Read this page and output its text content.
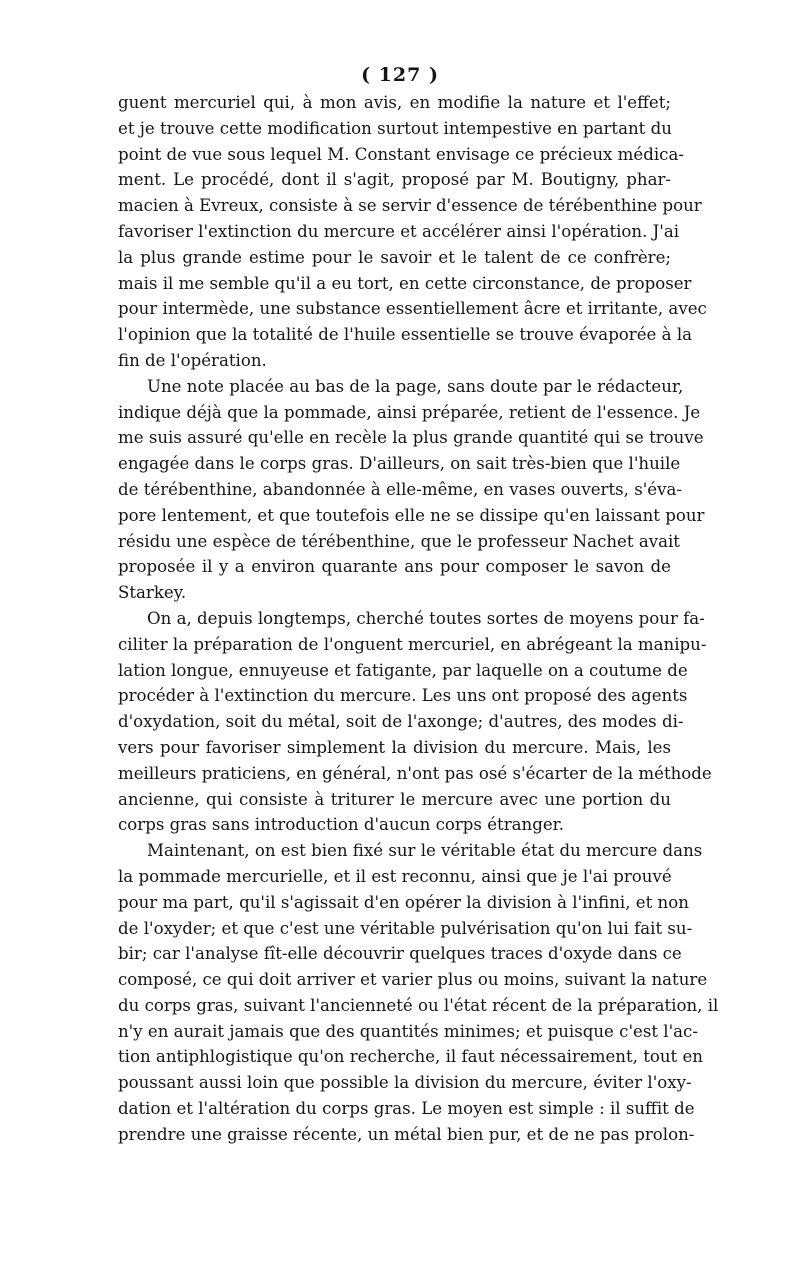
( 127 )
guent mercuriel qui, à mon avis, en modifie la nature et l'effet;
et je trouve cette modification surtout intempestive en partant du
point de vue sous lequel M. Constant envisage ce précieux médica-
ment. Le procédé, dont il s'agit, proposé par M. Boutigny, phar-
macien à Evreux, consiste à se servir d'essence de térébenthine pour
favoriser l'extinction du mercure et accélérer ainsi l'opération. J'ai
la plus grande estime pour le savoir et le talent de ce confrère;
mais il me semble qu'il a eu tort, en cette circonstance, de proposer
pour intermède, une substance essentiellement âcre et irritante, avec
l'opinion que la totalité de l'huile essentielle se trouve évaporée à la
fin de l'opération.
Une note placée au bas de la page, sans doute par le rédacteur,
indique déjà que la pommade, ainsi préparée, retient de l'essence. Je
me suis assuré qu'elle en recèle la plus grande quantité qui se trouve
engagée dans le corps gras. D'ailleurs, on sait très-bien que l'huile
de térébenthine, abandonnée à elle-même, en vases ouverts, s'éva-
pore lentement, et que toutefois elle ne se dissipe qu'en laissant pour
résidu une espèce de térébenthine, que le professeur Nachet avait
proposée il y a environ quarante ans pour composer le savon de
Starkey.
On a, depuis longtemps, cherché toutes sortes de moyens pour fa-
ciliter la préparation de l'onguent mercuriel, en abrégeant la manipu-
lation longue, ennuyeuse et fatigante, par laquelle on a coutume de
procéder à l'extinction du mercure. Les uns ont proposé des agents
d'oxydation, soit du métal, soit de l'axonge; d'autres, des modes di-
vers pour favoriser simplement la division du mercure. Mais, les
meilleurs praticiens, en général, n'ont pas osé s'écarter de la méthode
ancienne, qui consiste à triturer le mercure avec une portion du
corps gras sans introduction d'aucun corps étranger.
Maintenant, on est bien fixé sur le véritable état du mercure dans
la pommade mercurielle, et il est reconnu, ainsi que je l'ai prouvé
pour ma part, qu'il s'agissait d'en opérer la division à l'infini, et non
de l'oxyder; et que c'est une véritable pulvérisation qu'on lui fait su-
bir; car l'analyse fît-elle découvrir quelques traces d'oxyde dans ce
composé, ce qui doit arriver et varier plus ou moins, suivant la nature
du corps gras, suivant l'ancienneté ou l'état récent de la préparation, il
n'y en aurait jamais que des quantités minimes; et puisque c'est l'ac-
tion antiphlogistique qu'on recherche, il faut nécessairement, tout en
poussant aussi loin que possible la division du mercure, éviter l'oxy-
dation et l'altération du corps gras. Le moyen est simple : il suffit de
prendre une graisse récente, un métal bien pur, et de ne pas prolon-
